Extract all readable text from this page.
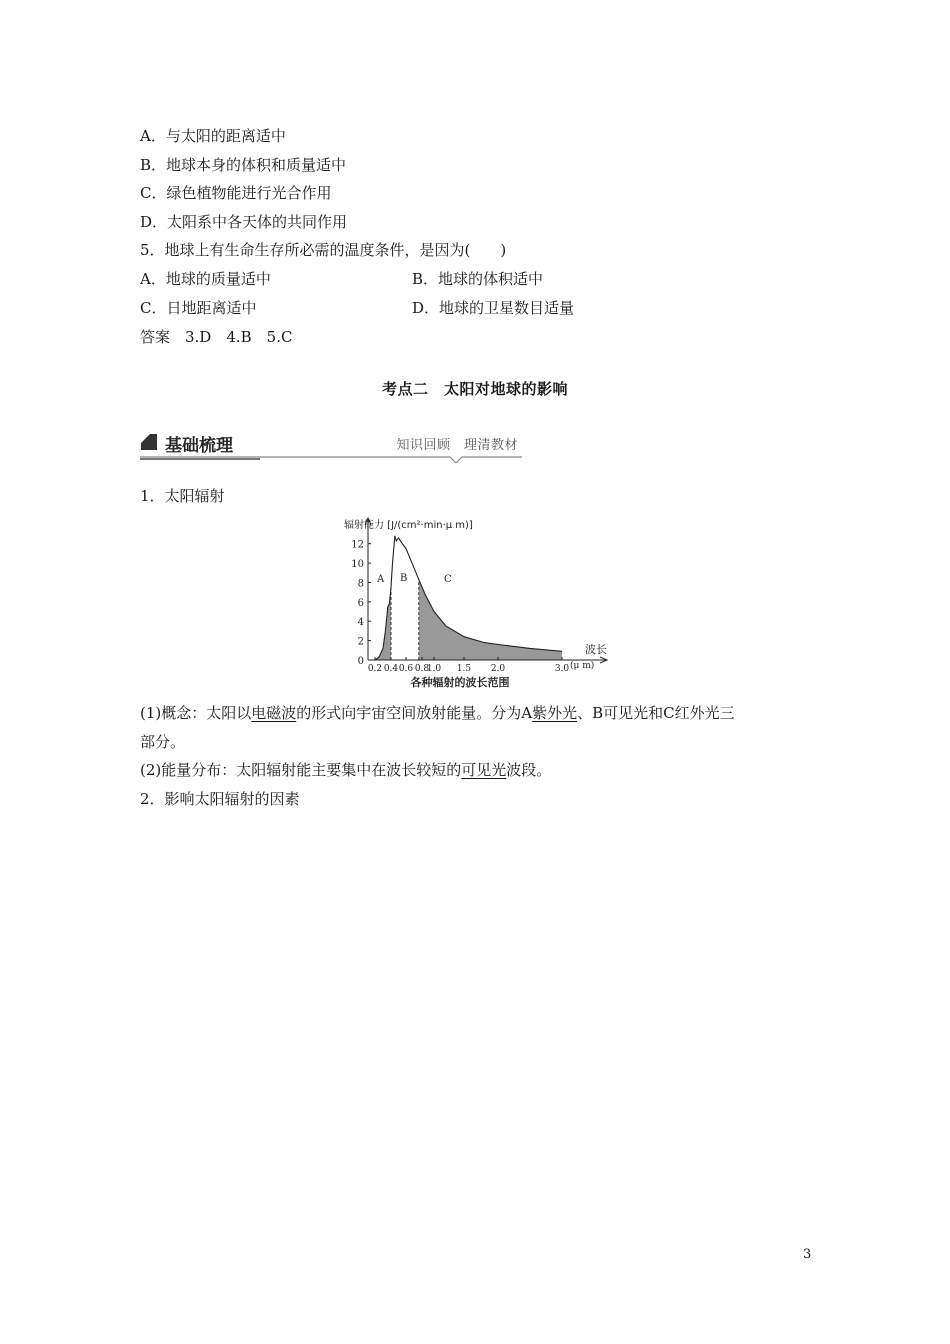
A．与太阳的距离适中
B．地球本身的体积和质量适中
C．绿色植物能进行光合作用
D．太阳系中各天体的共同作用
5．地球上有生命生存所必需的温度条件，是因为(　　)
A．地球的质量适中	B．地球的体积适中
C．日地距离适中	D．地球的卫星数目适量
答案　3.D　4.B　5.C
考点二　太阳对地球的影响
基础梳理	知识回顾　理清教材
1．太阳辐射
0
2
4
6
8
10
12
0.2 0.4 0.6 0.8
1.0 1.5 2.0	3.0
A B	C
辐射能力 [J/(cm²·min·μ m)]
波长
(μ m)
各种辐射的波长范围
(1)概念：太阳以电磁波的形式向宇宙空间放射能量。分为A紫外光、B可见光和C红外光三
部分。
(2)能量分布：太阳辐射能主要集中在波长较短的可见光波段。
2．影响太阳辐射的因素
3
